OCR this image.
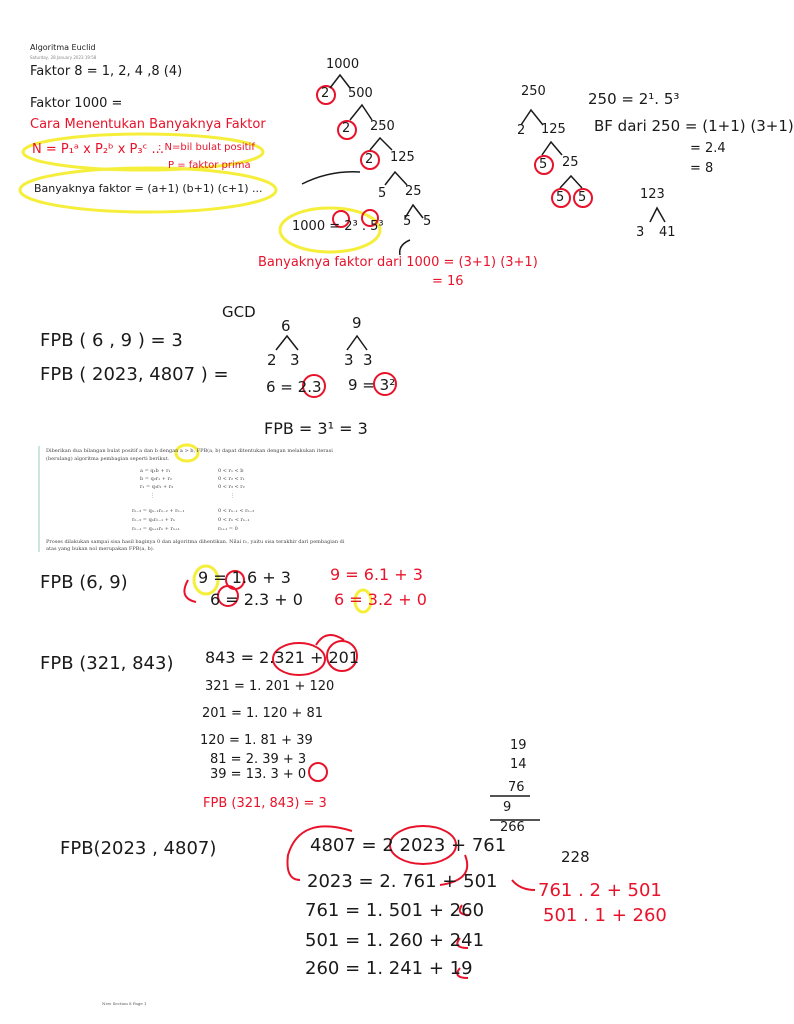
Algoritma Euclid
Saturday, 28 January 2023 19:58
Faktor 8 = 1, 2, 4 ,8 (4)
Faktor 1000 =
Cara Menentukan Banyaknya Faktor
N = P₁ᵃ x P₂ᵇ x P₃ᶜ ...
: N=bil bulat positif
P = faktor prima
Banyaknya faktor = (a+1) (b+1) (c+1) ...
1000
2 500
2 250
2 125
5 25
5 5
1000 = 2³ . 5³
Banyaknya faktor dari 1000 = (3+1) (3+1)
= 16
250
2 125
5 25
5 5
250 = 2¹. 5³
BF dari 250 = (1+1) (3+1)
= 2.4
= 8
123
3 41
GCD
FPB ( 6 , 9 ) = 3
FPB ( 2023, 4807 ) =
6
2 3
9
3 3
6 = 2.3 9 = 3²
FPB = 3¹ = 3

Diberikan dua bilangan bulat positif a dan b dengan a > b, FPB(a, b) dapat ditentukan dengan melakukan iterasi

(berulang) algoritma pembagian seperti berikut.

a = q₁b + r₁

b = q₂r₁ + r₂

r₁ = q₃r₂ + r₃

⋮

rₙ₋₃ = qₙ₋₁rₙ₋₂ + rₙ₋₁

rₙ₋₂ = qₙrₙ₋₁ + rₙ

rₙ₋₁ = qₙ₊₁rₙ + rₙ₊₁

0 < r₁ < b

0 < r₂ < r₁

0 < r₃ < r₂

⋮

0 < rₙ₋₁ < rₙ₋₂

0 < rₙ < rₙ₋₁

rₙ₊₁ = 0

Proses dilakukan sampai sisa hasil baginya 0 dan algoritma dihentikan. Nilai rₙ, yaitu sisa terakhir dari pembagian di

atas yang bukan nol merupakan FPB(a, b).

FPB (6, 9)	9 = 1.6 + 3
6 = 2.3 + 0
9 = 6.1 + 3
6 = 3.2 + 0
FPB (321, 843) 843 = 2.321 + 201
321 = 1. 201 + 120
201 = 1. 120 + 81
120 = 1. 81 + 39
81 = 2. 39 + 3
39 = 13. 3 + 0
FPB (321, 843) = 3
19
14
76
9
266
228
FPB(2023 , 4807)	4807 = 2 2023 + 761
2023 = 2. 761 + 501
761 = 1. 501 + 260
501 = 1. 260 + 241
260 = 1. 241 + 19
761 . 2 + 501
501 . 1 + 260
New Section 8 Page 1
